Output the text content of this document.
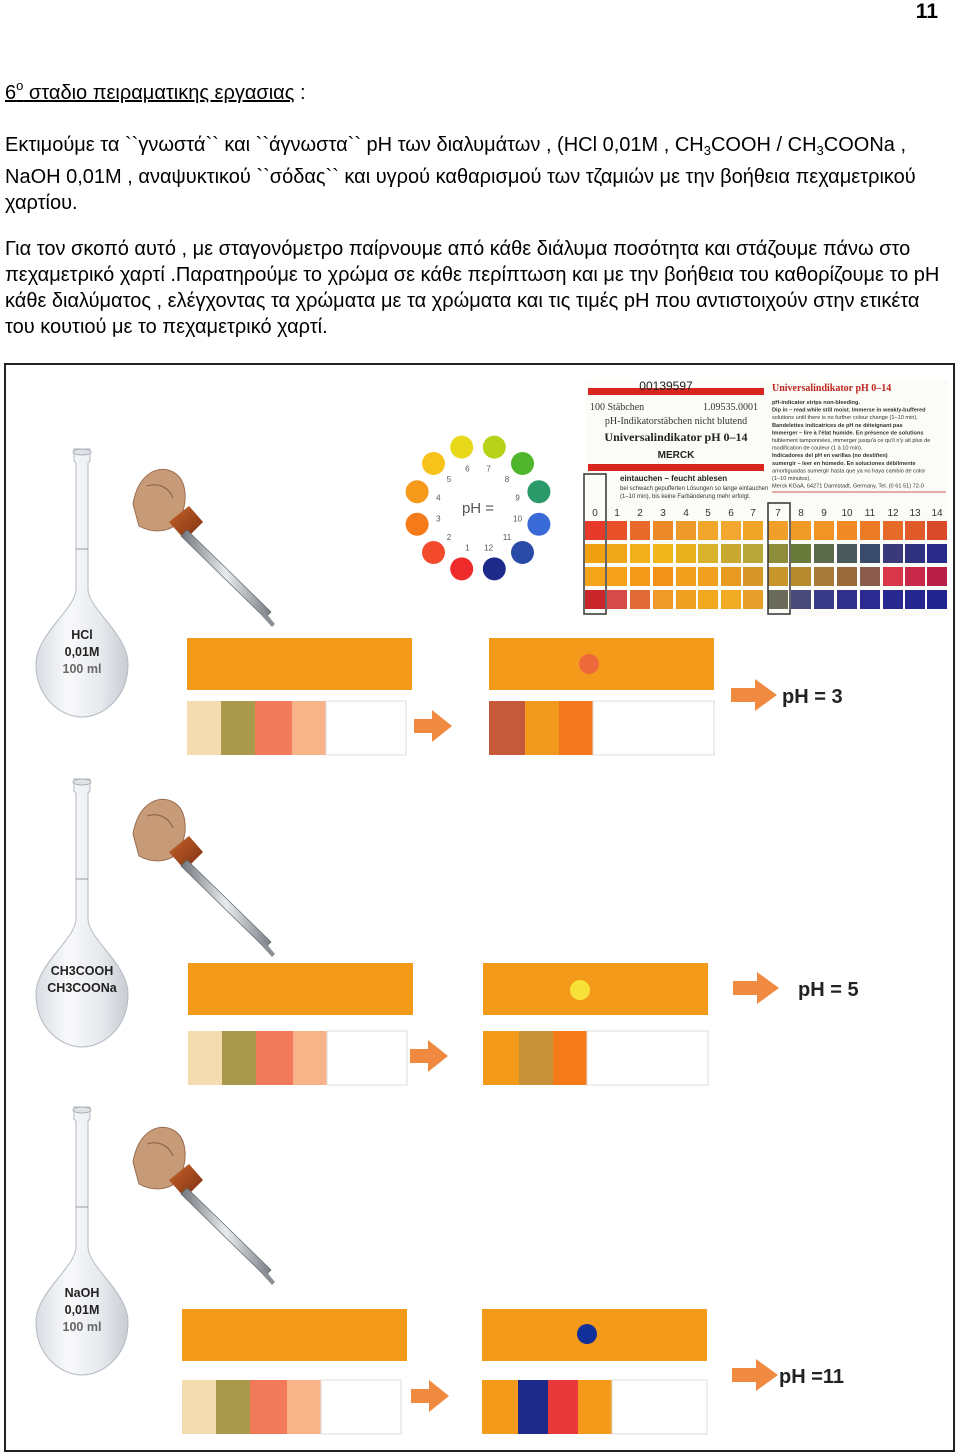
11
$6^o$ σταδιο πειραματικης εργασιας :
Εκτιμούμε τα ``γνωστά`` και ``άγνωστα`` pH των διαλυμάτων , (HCl 0,01M , $CH_3COOH$ / $CH_3COONa$ , NaOH 0,01M , αναψυκτικού ``σόδας`` και υγρού καθαρισμού των τζαμιών με την βοήθεια πεχαμετρικού χαρτίου.
Για τον σκοπό αυτό , με σταγονόμετρο παίρνουμε από κάθε διάλυμα ποσότητα και στάζουμε πάνω στο πεχαμετρικό χαρτί .Παρατηρούμε το χρώμα σε κάθε περίπτωση και με την βοήθεια του καθορίζουμε το pH κάθε διαλύματος , ελέγχοντας τα χρώματα με τα χρώματα και τις τιμές pH που αντιστοιχούν στην ετικέτα του κουτιού με το πεχαμετρικό χαρτί.
1
2
3
4
5
6 7
8
9
10
11
12
pH =
00139597
100 Stäbchen	1.09535.0001
pH-Indikatorstäbchen nicht blutend
Universalindikator pH 0–14
MERCK
eintauchen – feucht ablesen
bei schwach gepufferten Lösungen so lange eintauchen
(1–10 min), bis keine Farbänderung mehr erfolgt.
Universalindikator pH 0–14
pH-indicator strips non-bleeding.
Dip in – read while still moist. Immerse in weakly-buffered
solutions until there is no further colour change (1–10 min).
Bandelettes indicatrices de pH ne déteignant pas
Immerger – lire à l'état humide. En présence de solutions
faiblement tamponnées, immerger jusqu'à ce qu'il n'y ait plus de
modification de couleur (1 à 10 min).
Indicadores del pH en varillas (no destiñen)
sumergir – leer en húmedo. En soluciones débilmente
amortiguadas sumergir hasta que ya no haya cambio de color
(1–10 minutos).
Merck KGaA, 64271 Darmstadt, Germany, Tel. (0 61 51) 72-0
0 1 2 3 4 5 6 7 7 8 9 10 11 12 13 14
HCl
0,01M
100 ml
pH = 3
CH3COOH
CH3COONa	pH = 5
NaOH
0,01M
100 ml
pH =11
